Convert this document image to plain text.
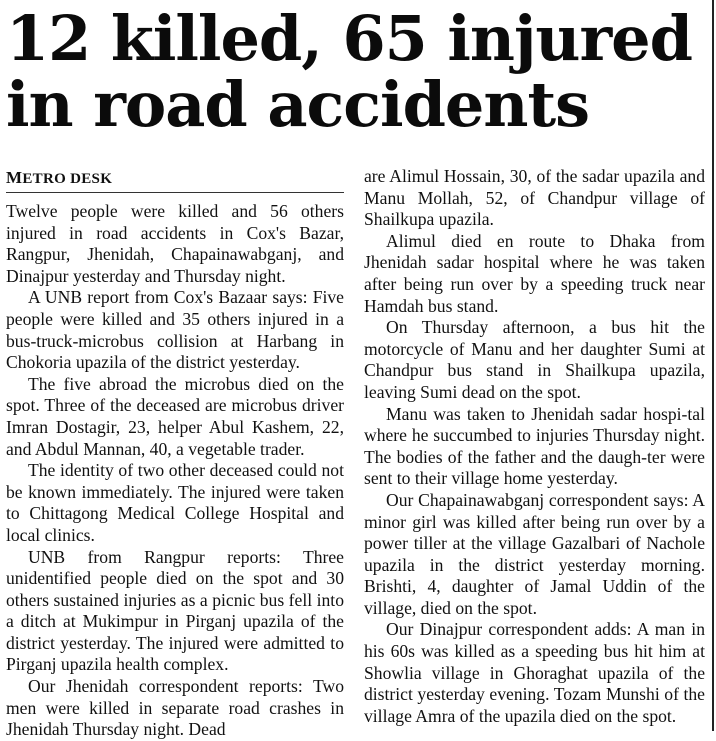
12 killed, 65 injured in road accidents
METRO DESK

Twelve people were killed and 56 others injured in road accidents in Cox's Bazar, Rangpur, Jhenidah, Chapainawabganj, and Dinajpur yesterday and Thursday night.

A UNB report from Cox's Bazaar says: Five people were killed and 35 others injured in a bus-truck-microbus collision at Harbang in Chokoria upazila of the district yesterday.

The five abroad the microbus died on the spot. Three of the deceased are microbus driver Imran Dostagir, 23, helper Abul Kashem, 22, and Abdul Mannan, 40, a vegetable trader.

The identity of two other deceased could not be known immediately. The injured were taken to Chittagong Medical College Hospital and local clinics.

UNB from Rangpur reports: Three unidentified people died on the spot and 30 others sustained injuries as a picnic bus fell into a ditch at Mukimpur in Pirganj upazila of the district yesterday. The injured were admitted to Pirganj upazila health complex.

Our Jhenidah correspondent reports: Two men were killed in separate road crashes in Jhenidah Thursday night. Dead

are Alimul Hossain, 30, of the sadar upazila and Manu Mollah, 52, of Chandpur village of Shailkupa upazila.

Alimul died en route to Dhaka from Jhenidah sadar hospital where he was taken after being run over by a speeding truck near Hamdah bus stand.

On Thursday afternoon, a bus hit the motorcycle of Manu and her daughter Sumi at Chandpur bus stand in Shailkupa upazila, leaving Sumi dead on the spot.

Manu was taken to Jhenidah sadar hospi-tal where he succumbed to injuries Thursday night. The bodies of the father and the daugh-ter were sent to their village home yesterday.

Our Chapainawabganj correspondent says: A minor girl was killed after being run over by a power tiller at the village Gazalbari of Nachole upazila in the district yesterday morning. Brishti, 4, daughter of Jamal Uddin of the village, died on the spot.

Our Dinajpur correspondent adds: A man in his 60s was killed as a speeding bus hit him at Showlia village in Ghoraghat upazila of the district yesterday evening. Tozam Munshi of the village Amra of the upazila died on the spot.
